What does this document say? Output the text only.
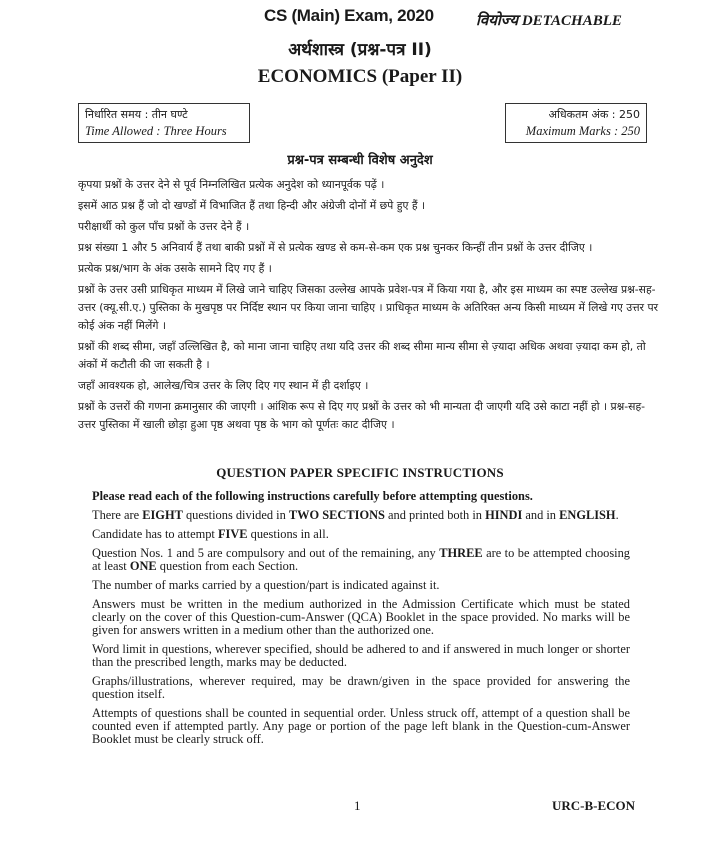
CS (Main) Exam, 2020	वियोज्य DETACHABLE
अर्थशास्त्र (प्रश्न-पत्र II)
ECONOMICS (Paper II)
निर्धारित समय : तीन घण्टे
Time Allowed : Three Hours
अधिकतम अंक : 250
Maximum Marks : 250
प्रश्न-पत्र सम्बन्धी विशेष अनुदेश

कृपया प्रश्नों के उत्तर देने से पूर्व निम्नलिखित प्रत्येक अनुदेश को ध्यानपूर्वक पढ़ें ।

इसमें आठ प्रश्न हैं जो दो खण्डों में विभाजित हैं तथा हिन्दी और अंग्रेजी दोनों में छपे हुए हैं ।

परीक्षार्थी को कुल पाँच प्रश्नों के उत्तर देने हैं ।

प्रश्न संख्या 1 और 5 अनिवार्य हैं तथा बाकी प्रश्नों में से प्रत्येक खण्ड से कम-से-कम एक प्रश्न चुनकर किन्हीं तीन प्रश्नों के उत्तर दीजिए ।

प्रत्येक प्रश्न/भाग के अंक उसके सामने दिए गए हैं ।

प्रश्नों के उत्तर उसी प्राधिकृत माध्यम में लिखे जाने चाहिए जिसका उल्लेख आपके प्रवेश-पत्र में किया गया है, और इस माध्यम का स्पष्ट उल्लेख प्रश्न-सह-उत्तर (क्यू.सी.ए.) पुस्तिका के मुखपृष्ठ पर निर्दिष्ट स्थान पर किया जाना चाहिए । प्राधिकृत माध्यम के अतिरिक्त अन्य किसी माध्यम में लिखे गए उत्तर पर कोई अंक नहीं मिलेंगे ।

प्रश्नों की शब्द सीमा, जहाँ उल्लिखित है, को माना जाना चाहिए तथा यदि उत्तर की शब्द सीमा मान्य सीमा से ज़्यादा अधिक अथवा ज़्यादा कम हो, तो अंकों में कटौती की जा सकती है ।

जहाँ आवश्यक हो, आलेख/चित्र उत्तर के लिए दिए गए स्थान में ही दर्शाइए ।

प्रश्नों के उत्तरों की गणना क्रमानुसार की जाएगी । आंशिक रूप से दिए गए प्रश्नों के उत्तर को भी मान्यता दी जाएगी यदि उसे काटा नहीं हो । प्रश्न-सह-उत्तर पुस्तिका में खाली छोड़ा हुआ पृष्ठ अथवा पृष्ठ के भाग को पूर्णतः काट दीजिए ।

QUESTION PAPER SPECIFIC INSTRUCTIONS

Please read each of the following instructions carefully before attempting questions.

There are EIGHT questions divided in TWO SECTIONS and printed both in HINDI and in ENGLISH.

Candidate has to attempt FIVE questions in all.

Question Nos. 1 and 5 are compulsory and out of the remaining, any THREE are to be attempted choosing at least ONE question from each Section.

The number of marks carried by a question/part is indicated against it.

Answers must be written in the medium authorized in the Admission Certificate which must be stated clearly on the cover of this Question-cum-Answer (QCA) Booklet in the space provided. No marks will be given for answers written in a medium other than the authorized one.

Word limit in questions, wherever specified, should be adhered to and if answered in much longer or shorter than the prescribed length, marks may be deducted.

Graphs/illustrations, wherever required, may be drawn/given in the space provided for answering the question itself.

Attempts of questions shall be counted in sequential order. Unless struck off, attempt of a question shall be counted even if attempted partly. Any page or portion of the page left blank in the Question-cum-Answer Booklet must be clearly struck off.

1	URC-B-ECON
